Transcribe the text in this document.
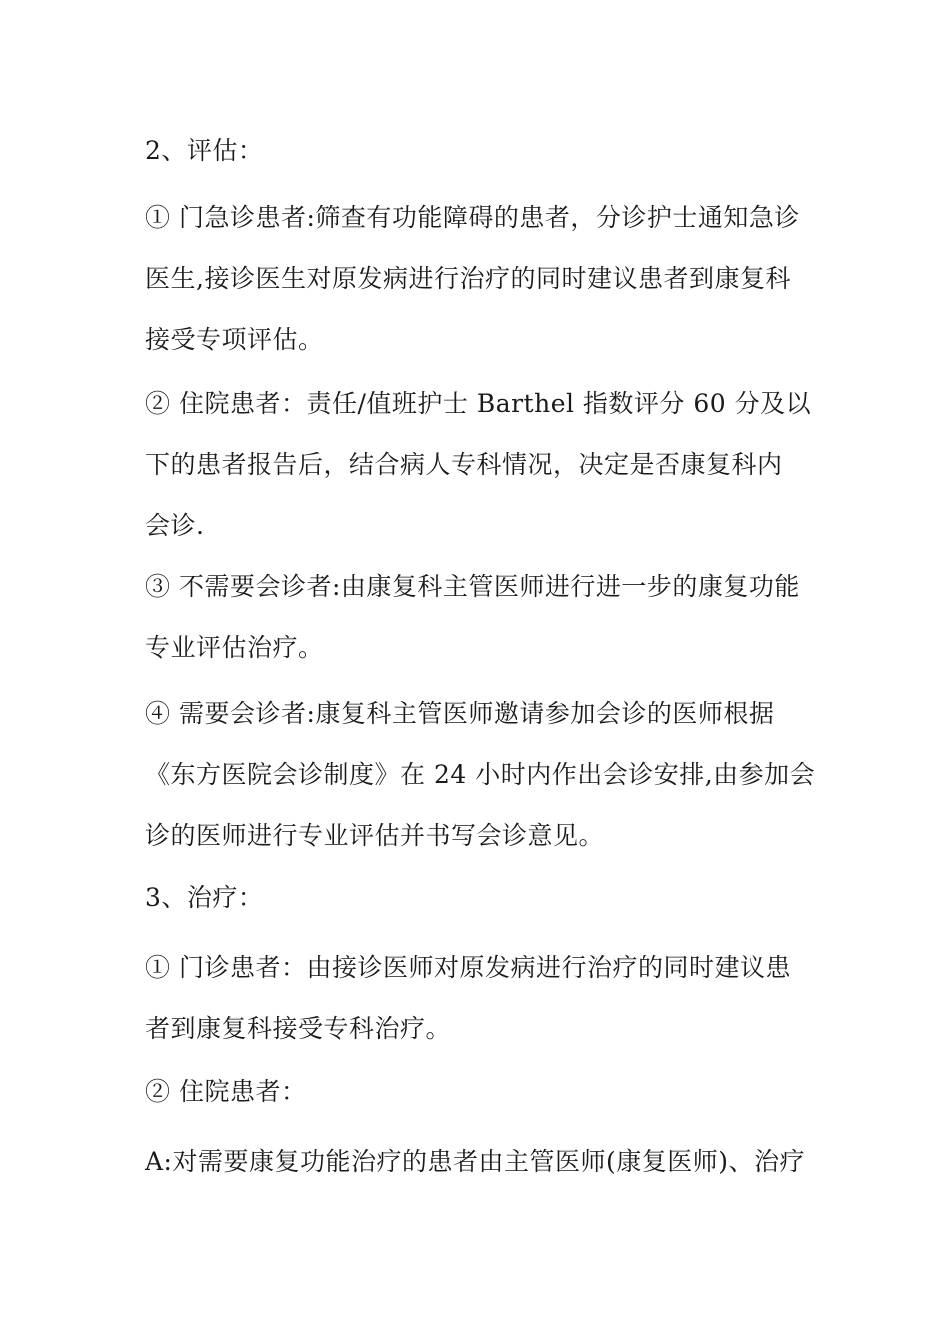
2、评估：
① 门急诊患者:筛查有功能障碍的患者，分诊护士通知急诊
医生,接诊医生对原发病进行治疗的同时建议患者到康复科
接受专项评估。
② 住院患者：责任/值班护士 Barthel 指数评分 60 分及以
下的患者报告后，结合病人专科情况，决定是否康复科内
会诊.
③ 不需要会诊者:由康复科主管医师进行进一步的康复功能
专业评估治疗。
④ 需要会诊者:康复科主管医师邀请参加会诊的医师根据
《东方医院会诊制度》在 24 小时内作出会诊安排,由参加会
诊的医师进行专业评估并书写会诊意见。
3、治疗：
① 门诊患者：由接诊医师对原发病进行治疗的同时建议患
者到康复科接受专科治疗。
② 住院患者：
A:对需要康复功能治疗的患者由主管医师(康复医师)、治疗
